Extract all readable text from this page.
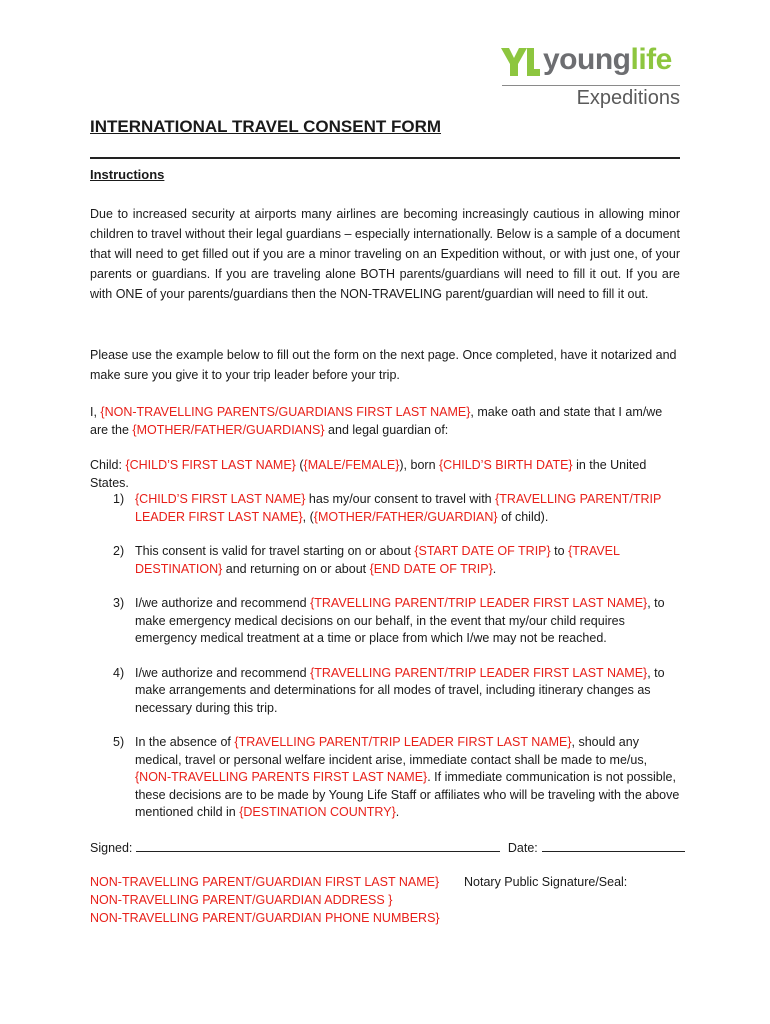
younglife
Expeditions
INTERNATIONAL TRAVEL CONSENT FORM
Instructions
Due to increased security at airports many airlines are becoming increasingly cautious in allowing minor children to travel without their legal guardians – especially internationally. Below is a sample of a document that will need to get filled out if you are a minor traveling on an Expedition without, or with just one, of your parents or guardians. If you are traveling alone BOTH parents/guardians will need to fill it out. If you are with ONE of your parents/guardians then the NON-TRAVELING parent/guardian will need to fill it out.
Please use the example below to fill out the form on the next page. Once completed, have it notarized and make sure you give it to your trip leader before your trip.
I, {NON-TRAVELLING PARENTS/GUARDIANS FIRST LAST NAME}, make oath and state that I am/we are the {MOTHER/FATHER/GUARDIANS} and legal guardian of:
Child: {CHILD’S FIRST LAST NAME} ({MALE/FEMALE}), born {CHILD’S BIRTH DATE} in the United States.
1) {CHILD’S FIRST LAST NAME} has my/our consent to travel with {TRAVELLING PARENT/TRIP LEADER FIRST LAST NAME}, ({MOTHER/FATHER/GUARDIAN} of child).
2) This consent is valid for travel starting on or about {START DATE OF TRIP} to {TRAVEL DESTINATION} and returning on or about {END DATE OF TRIP}.
3) I/we authorize and recommend {TRAVELLING PARENT/TRIP LEADER FIRST LAST NAME}, to make emergency medical decisions on our behalf, in the event that my/our child requires emergency medical treatment at a time or place from which I/we may not be reached.
4) I/we authorize and recommend {TRAVELLING PARENT/TRIP LEADER FIRST LAST NAME}, to make arrangements and determinations for all modes of travel, including itinerary changes as necessary during this trip.
5) In the absence of {TRAVELLING PARENT/TRIP LEADER FIRST LAST NAME}, should any medical, travel or personal welfare incident arise, immediate contact shall be made to me/us, {NON-TRAVELLING PARENTS FIRST LAST NAME}. If immediate communication is not possible, these decisions are to be made by Young Life Staff or affiliates who will be traveling with the above mentioned child in {DESTINATION COUNTRY}.
Signed:	Date:
NON-TRAVELLING PARENT/GUARDIAN FIRST LAST NAME}
NON-TRAVELLING PARENT/GUARDIAN ADDRESS }
NON-TRAVELLING PARENT/GUARDIAN PHONE NUMBERS}
Notary Public Signature/Seal:
